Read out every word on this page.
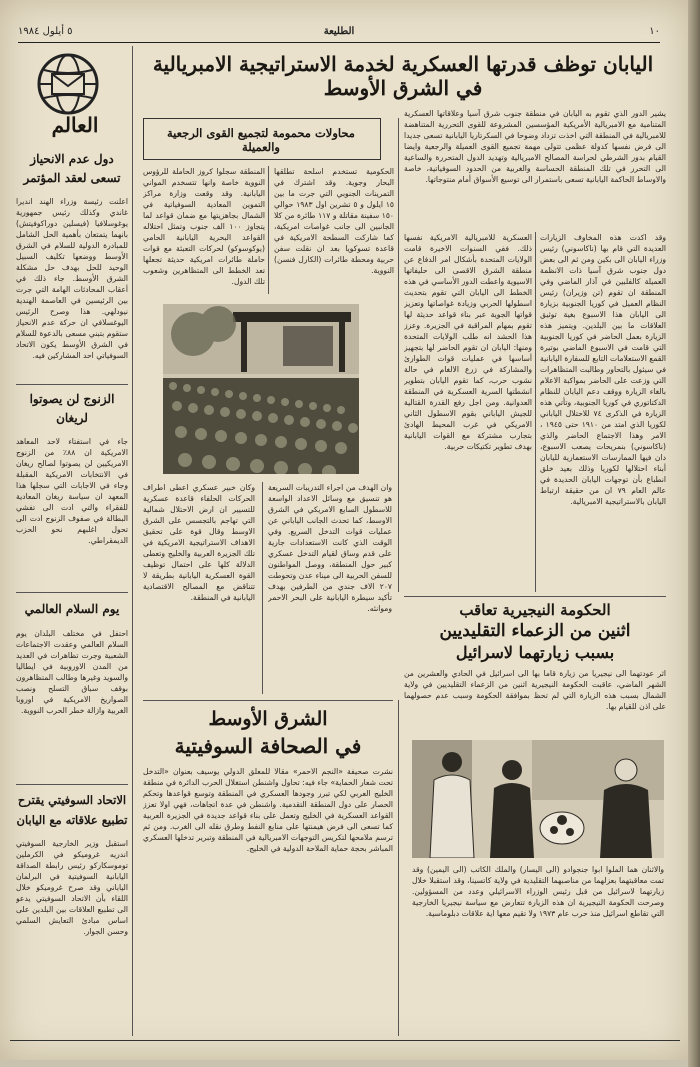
١٠
الطليعة
٥ أيلول ١٩٨٤
العالم
اليابان توظف قدرتها العسكرية لخدمة الاستراتيجية الامبريالية في الشرق الأوسط
يشير الدور الذي تقوم به اليابان في منطقة جنوب شرق آسيا وعلاقاتها العسكرية المتنامية مع الامبريالية الأمريكية المؤسسين المشروعة للقوى التحررية المتناهضة للامبريالية في المنطقة التي اخذت تزداد وضوحا في السكرتاريا اليابانية تسعى جديدا الى فرض نفسها كدولة عظمى تتولى مهمة تجميع القوى العميلة والرجعية وايضا القيام بدور الشرطي لحراسة المصالح الامبريالية وتهديد الدول المتحررة والساعية الى التحرر في تلك المنطقة الحساسة والغربية من الحدود السوفياتية، خاصة والاوساط الحاكمة اليابانية تسعى باستمرار الى توسيع الأسواق أمام منتوجاتها.
محاولات محمومة لتجميع القوى الرجعية والعميلة
وقد اكدت هذه المخاوف الزيارات العديدة التي قام بها (ناكاسوني) رئيس وزراء اليابان الى بكين ومن ثم الى بعض دول جنوب شرق آسيا ذات الانظمة العميلة كالفلبين في آذار الماضي وفي المنطقة ان تقوم (تن وزيران) رئيس النظام العميل في كوريا الجنوبية بزيارة الى اليابان هذا الاسبوع بغية توثيق العلاقات ما بين البلدين. ويتميز هذه الزيارة بعمل الحاضر في كوريا الجنوبية التي قامت في الاسبوع الماضي بوتيرة القمع الاستعلامات التابع للسفارة اليابانية في سيئول بالتحاور وطالبت المتظاهرات التي وزعت على الحاضر بمواكبة الاعلام بالغاء الزيارة ووقف دعم اليابان للنظام الدكتاتوري في كوريا الجنوبية، وتأتي هذه الزيارة في الذكرى ٧٤ للاحتلال الياباني لكوريا الذي امتد من ١٩١٠ حتى ١٩٤٥ ، الامر وهذا الاجتماع الحاضر والذي (ناكاسوني) بنمريحات يصعب الاسبوع، دان فيها الممارسات الاستعمارية لليابان أبناء احتلالها لكوريا وذلك بعيد خلق انطباع بأن توجهات اليابان الحديدة في عالم العام ٧٩ ان من حقيقة ارتباط اليابان بالاستراتيجية الامبريالية.
العسكرية للامبريالية الامريكية نفسها ذلك. ففي السنوات الاخيرة قامت الولايات المتحدة بأشكال امر الدفاع عن منطقة الشرق الاقصى الى حليفاتها الاسيوية واعطت الدور الأساسي في هذه الخطط الى اليابان التي تقوم بتحديث اسطولها الحربي وزيادة غواصاتها وتعزيز قواتها الجوية عبر بناء قواعد حديثة لها تقوم بمهام المراقبة في الجزيرة. وعزز هذا الحشد انه طلب الولايات المتحدة ومنها: اليابان ان تقوم الحاضر لها بتجهيز أساسها في عمليات قوات الطوارئ والمشاركة في زرع الالغام في حالة نشوب حرب، كما تقوم اليابان بتطوير انشطتها السرية العسكرية في المنطقة العدوانية. ومن اجل رفع القدرة القتالية للجيش الياباني بقوم الاسطول الثاني الامريكي في غرب المحيط الهادئ بتجارب مشتركة مع القوات اليابانية بهدف تطوير تكتيكات حربية.
الحكومية تستخدم اسلحة تطلقها البحار وجوية. وقد اشترك في التمرينات الجنوبي التي جرت ما بين ١٥ ايلول و ٥ تشرين اول ١٩٨٣ حوالي ١٥٠ سفينة مقاتلة و ١١٧ طائرة من كلا الجانبين الى جانب غواصات امريكية، كما شاركت السطحة الامريكية في قاعدة تسوكويا بعد ان نقلت سفن حربية ومحطة طائرات (الكارل فنسن) النووية.
المنطقة سجلوا كروز الحاملة للرؤوس النووية خاصة وانها تتسخدم المواني اليابانية. وقد وقعت وزارة مراكز التموين المعادية السوفياتية في الشمال بجاهزيتها مع ضمان قواعد لما يتجاوز ١٠٠ الف جنوب وتمثل احتلاله القواعد البحرية اليابانية الحامي (يوكوسوكو) لحركات التعبئة مع قوات حاملة طائرات امريكية حديثة تجعلها تعد الخطط الى المتظاهرين وشعوب تلك الدول.
وكان خبير عسكري اعطى اطراف الحركات الحلفاء قاعدة عسكرية للتسيير ان ارض الاحتلال شمالية التي تهاجم بالتجسس على الشرق الاوسط وقال قوة على تحقيق الاهداف الاستراتيجية الامريكية في تلك الجزيرة العربية والخليج وتعطى الدلالة كلها على احتمال توظيف القوة العسكرية اليابانية بطريقة لا تتناقض مع المصالح الاقتصادية اليابانية في المنطقة.
وان الهدف من اجراء التدريبات السريعة هو تنسيق مع وسائل الاعداد الواسعة للاسطول السابع الامريكي في الشرق الاوسط، كما تحدث الجانب الياباني عن عمليات قوات التدخل السريع. وفي الوقت الذي كانت الاستعدادات جارية على قدم وساق لقيام التدخل عسكري كبير حول المنطقة، ووصل المواطنون للسفن الحربية الى ميناء عدن وتحوطت ٢٠٧ الاف جندي من الطرفين بهدف تأكيد سيطرة اليابانية على البحر الاحمر وموانئه.	الحكومة النيجيرية تعاقب
اثنين من الزعماء التقليديين
بسبب زيارتهما لاسرائيل
اثر عودتهما الى نيجيريا من زيارة قاما بها الى اسرائيل في الحادي والعشرين من الشهر الماضي، عاقبت الحكومة النيجيرية اثنين من الزعماء التقليديين في ولاية الشمال بسبب هذه الزيارة التي لم تحظ بموافقة الحكومة وسبب عدم حصولهما على اذن للقيام بها.
الشرق الأوسط
في الصحافة السوفيتية
نشرت صحيفة «النجم الاحمر» مقالا للمعلق الدولي يوسيف بعنوان «التدخل تحت شعار الحماية» جاء فيه: تحاول واشنطن استغلال الحرب الدائرة في منطقة الخليج العربي لكي تبرر وجودها العسكري في المنطقة وتوسع قواعدها وتحكم الحصار على دول المنطقة التقدمية. واشنطن في عدة اتجاهات، فهي اولا تعزز القواعد العسكرية في الخليج وتعمل على بناء قواعد جديدة في الجزيرة العربية كما تسعى الى فرض هيمنتها على منابع النفط وطرق نقله الى الغرب. ومن ثم ترسم ملامحها لتكريس التوجهات الامبريالية في المنطقة وتبرير تدخلها العسكري المباشر بحجة حماية الملاحة الدولية في الخليج.
والاثنان هما الملوا ابوا جنجوادو (الى اليسار) والملك الكاتب (الى اليمين) وقد تمت معاقبتهما بعزلهما من مناصبهما التقليدية في ولاية كاتسينا، وقد استقبلا خلال زيارتهما لاسرائيل من قبل رئيس الوزراء الاسرائيلي وعدد من المسؤولين. وصرحت الحكومة النيجيرية ان هذه الزيارة تتعارض مع سياسة نيجيريا الخارجية التي تقاطع اسرائيل منذ حرب عام ١٩٧٣ ولا تقيم معها اية علاقات دبلوماسية.
دول عدم الانحياز تسعى لعقد المؤتمر
اعلنت رئيسة وزراء الهند انديرا غاندي وكذلك رئيس جمهورية يوغوسلافيا (فيسلين دوراكوفيتش) بانهما يتمتعان بأهمية الحل الشامل للمبادرة الدولية للسلام في الشرق الأوسط ووضعها تكليف السبيل الوحيد للحل بهدف حل مشكلة الشرق الأوسط. جاء ذلك في أعقاب المحادثات الهامة التي جرت بين الرئيسين في العاصمة الهندية نيودلهي. هذا وصرح الرئيس اليوغسلافي ان حركة عدم الانحياز ستقوم بتبني مسعى بالدعوة للسلام في الشرق الأوسط يكون الاتحاد السوفياتي احد المشاركين فيه.
الزنوج لن يصوتوا لريغان
جاء في استفتاء لاحد المعاهد الامريكية ان ٨٨٪ من الزنوج الامريكيين لن يصوتوا لصالح ريغان في الانتخابات الامريكية المقبلة وجاء في الاجابات التي سجلها هذا المعهد ان سياسة ريغان المعادية للفقراء والتي ادت الى تفشي البطالة في صفوف الزنوج ادت الى تحول اغلبهم نحو الحزب الديمقراطي.
يوم السلام العالمي
احتفل في مختلف البلدان يوم السلام العالمي وعقدت الاجتماعات الشعبية وجرت تظاهرات في العديد من المدن الاوروبية في ايطاليا والسويد وغيرها وطالب المتظاهرون بوقف سباق التسلح ونصب الصواريخ الامريكية في اوروبا الغربية وازالة خطر الحرب النووية.
الاتحاد السوفيتي يقترح تطبيع علاقاته مع اليابان
استقبل وزير الخارجية السوفيتي اندريه غروميكو في الكرملين توموسكاركو رئيس رابطة الصداقة اليابانية السوفيتية في البرلمان الياباني وقد صرح غروميكو خلال اللقاء بأن الاتحاد السوفيتي يدعو الى تطبيع العلاقات بين البلدين على اساس مبادئ التعايش السلمي وحسن الجوار.
